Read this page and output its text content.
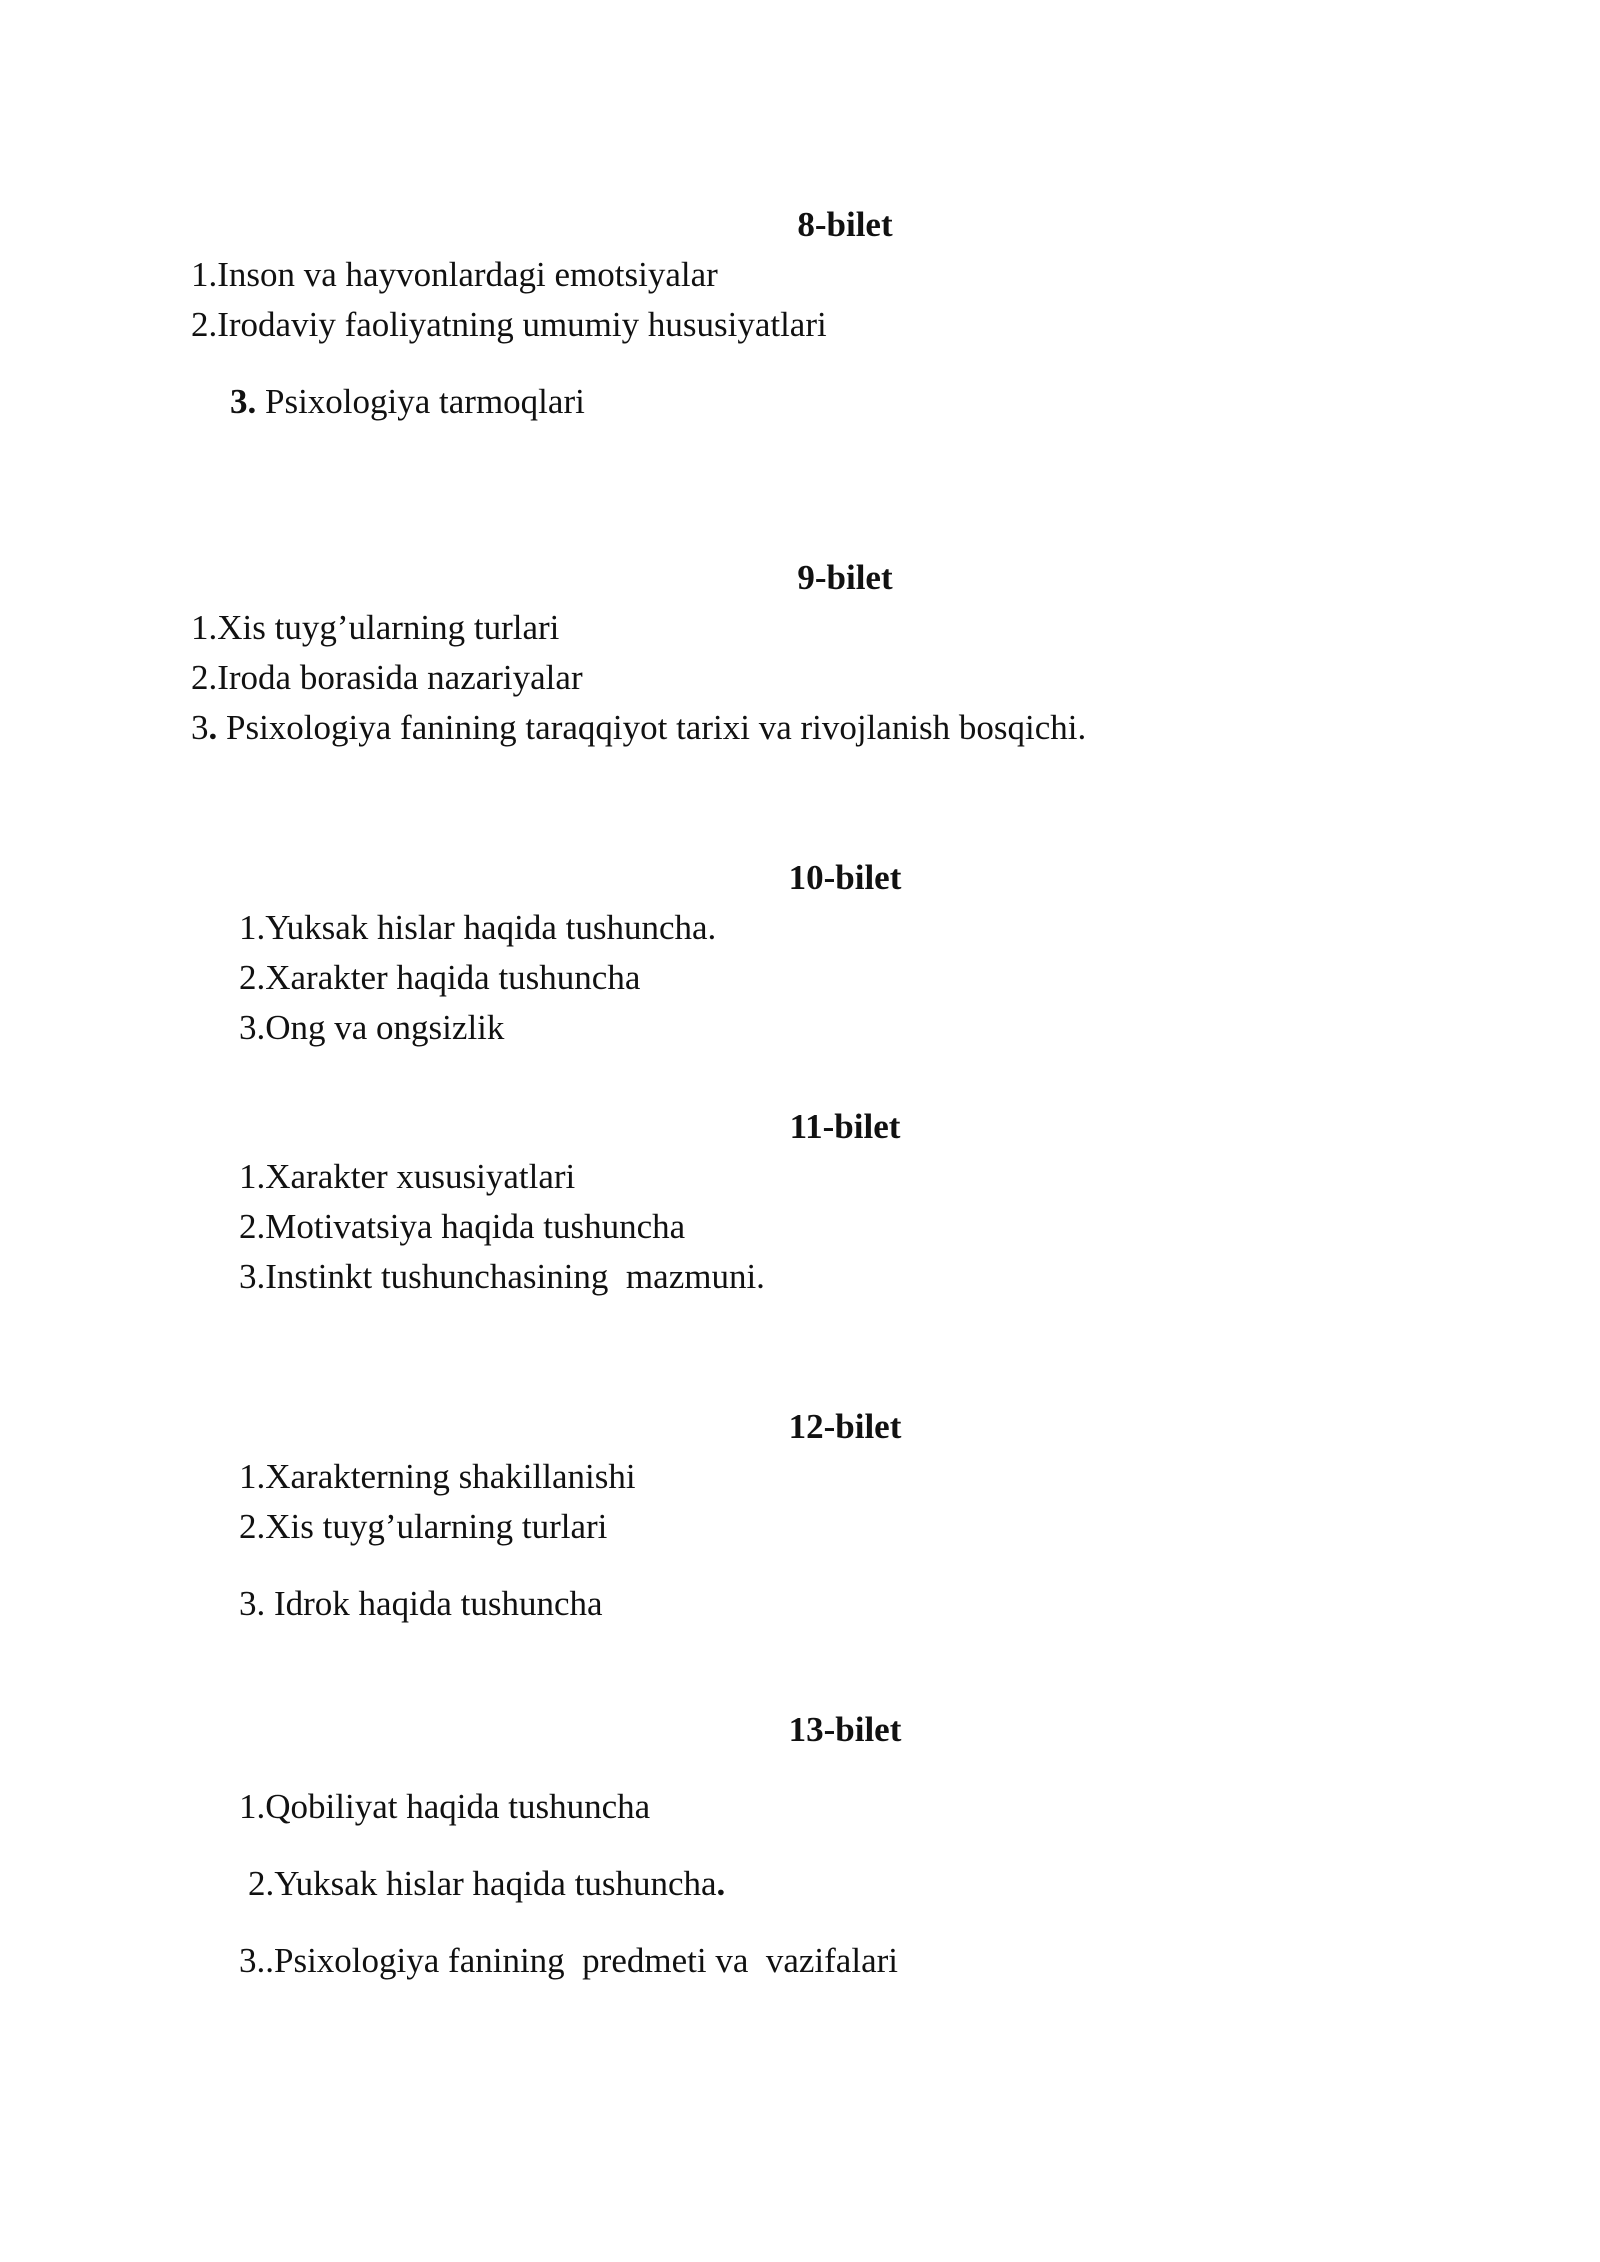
8-bilet
1.Inson va hayvonlardagi emotsiyalar
2.Irodaviy faoliyatning umumiy hususiyatlari
3. Psixologiya tarmoqlari
9-bilet
1.Xis tuyg’ularning turlari
2.Iroda borasida nazariyalar
3. Psixologiya fanining taraqqiyot tarixi va rivojlanish bosqichi.
10-bilet
1.Yuksak hislar haqida tushuncha.
2.Xarakter haqida tushuncha
3.Ong va ongsizlik
11-bilet
1.Xarakter xususiyatlari
2.Motivatsiya haqida tushuncha
3.Instinkt tushunchasining  mazmuni.
12-bilet
1.Xarakterning shakillanishi
2.Xis tuyg’ularning turlari
3. Idrok haqida tushuncha
13-bilet
1.Qobiliyat haqida tushuncha
2.Yuksak hislar haqida tushuncha.
3..Psixologiya fanining  predmeti va  vazifalari
